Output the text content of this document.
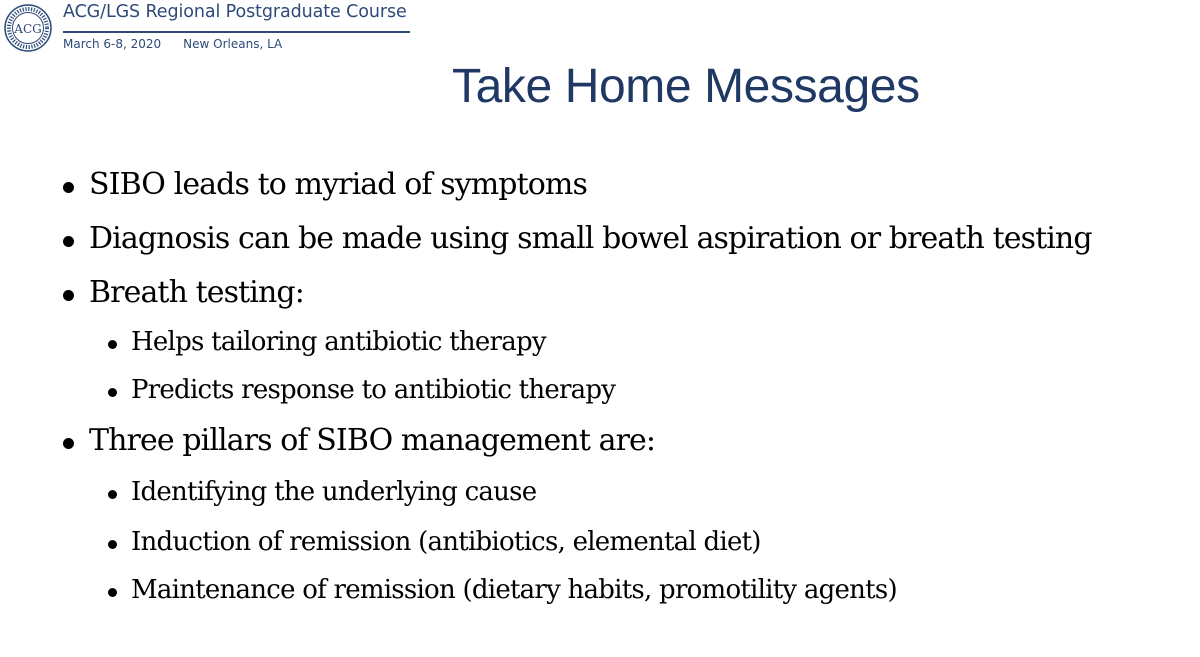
ACG
ACG/LGS Regional Postgraduate Course
March 6-8, 2020 New Orleans, LA
Take Home Messages
SIBO leads to myriad of symptoms
Diagnosis can be made using small bowel aspiration or breath testing
Breath testing:
Helps tailoring antibiotic therapy
Predicts response to antibiotic therapy
Three pillars of SIBO management are:
Identifying the underlying cause
Induction of remission (antibiotics, elemental diet)
Maintenance of remission (dietary habits, promotility agents)
